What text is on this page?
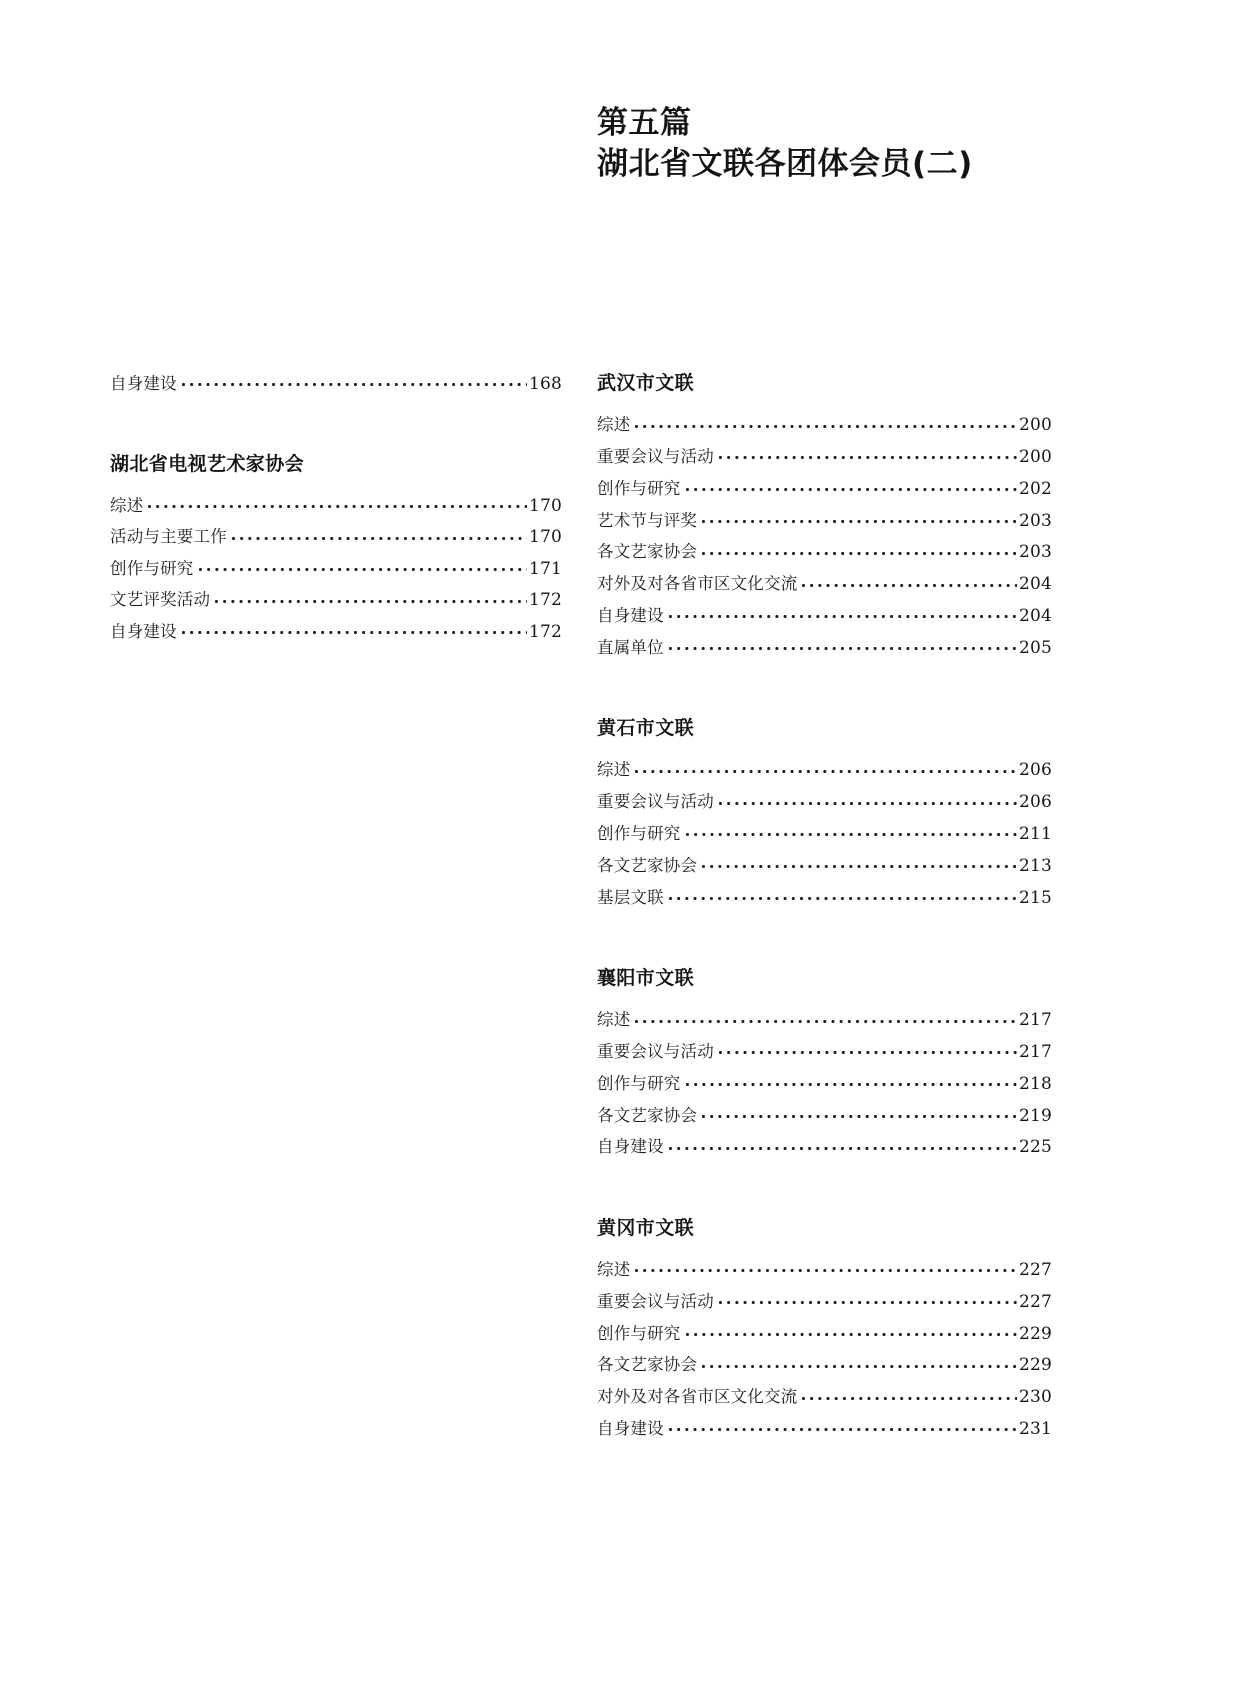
第五篇
湖北省文联各团体会员(二)
自身建设	168
湖北省电视艺术家协会
综述	170
活动与主要工作	170
创作与研究	171
文艺评奖活动	172
自身建设	172
武汉市文联
综述	200
重要会议与活动	200
创作与研究	202
艺术节与评奖	203
各文艺家协会	203
对外及对各省市区文化交流	204
自身建设	204
直属单位	205
黄石市文联
综述	206
重要会议与活动	206
创作与研究	211
各文艺家协会	213
基层文联	215
襄阳市文联
综述	217
重要会议与活动	217
创作与研究	218
各文艺家协会	219
自身建设	225
黄冈市文联
综述	227
重要会议与活动	227
创作与研究	229
各文艺家协会	229
对外及对各省市区文化交流	230
自身建设	231
